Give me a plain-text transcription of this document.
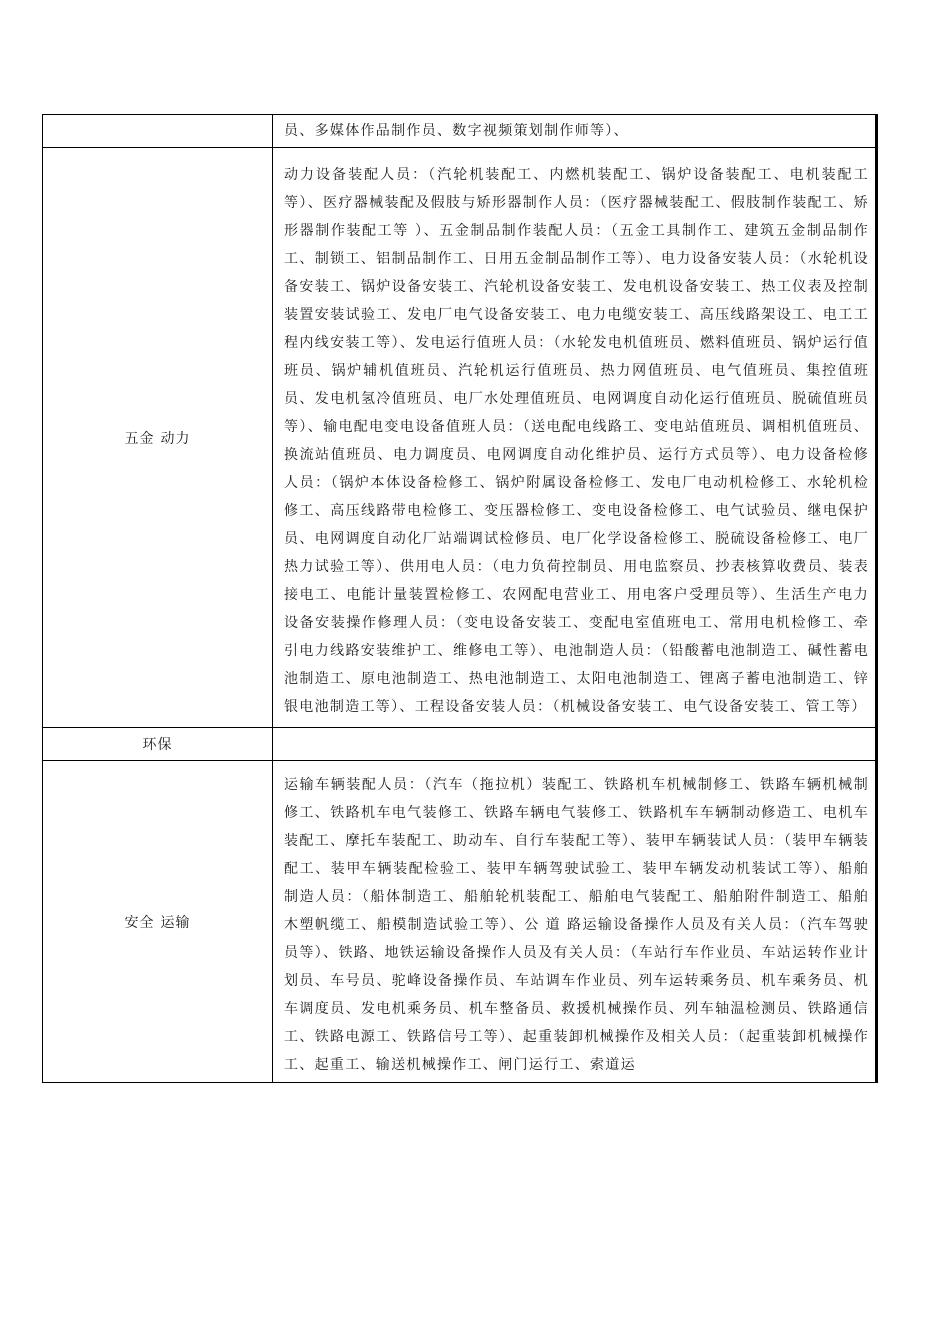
	员、多媒体作品制作员、数字视频策划制作师等）、
五金 动力	动力设备装配人员：（汽轮机装配工、内燃机装配工、锅炉设备装配工、电机装配工等）、医疗器械装配及假肢与矫形器制作人员：（医疗器械装配工、假肢制作装配工、矫形器制作装配工等 ）、五金制品制作装配人员：（五金工具制作工、建筑五金制品制作工、制锁工、铝制品制作工、日用五金制品制作工等）、电力设备安装人员：（水轮机设备安装工、锅炉设备安装工、汽轮机设备安装工、发电机设备安装工、热工仪表及控制装置安装试验工、发电厂电气设备安装工、电力电缆安装工、高压线路架设工、电工工程内线安装工等）、发电运行值班人员：（水轮发电机值班员、燃料值班员、锅炉运行值班员、锅炉辅机值班员、汽轮机运行值班员、热力网值班员、电气值班员、集控值班员、发电机氢冷值班员、电厂水处理值班员、电网调度自动化运行值班员、脱硫值班员等）、输电配电变电设备值班人员：（送电配电线路工、变电站值班员、调相机值班员、换流站值班员、电力调度员、电网调度自动化维护员、运行方式员等）、电力设备检修人员：（锅炉本体设备检修工、锅炉附属设备检修工、发电厂电动机检修工、水轮机检修工、高压线路带电检修工、变压器检修工、变电设备检修工、电气试验员、继电保护员、电网调度自动化厂站端调试检修员、电厂化学设备检修工、脱硫设备检修工、电厂热力试验工等）、供用电人员：（电力负荷控制员、用电监察员、抄表核算收费员、装表接电工、电能计量装置检修工、农网配电营业工、用电客户受理员等）、生活生产电力设备安装操作修理人员：（变电设备安装工、变配电室值班电工、常用电机检修工、牵引电力线路安装维护工、维修电工等）、电池制造人员：（铅酸蓄电池制造工、碱性蓄电池制造工、原电池制造工、热电池制造工、太阳电池制造工、锂离子蓄电池制造工、锌银电池制造工等）、工程设备安装人员：（机械设备安装工、电气设备安装工、管工等）
环保	
安全 运输	运输车辆装配人员：（汽车（拖拉机）装配工、铁路机车机械制修工、铁路车辆机械制修工、铁路机车电气装修工、铁路车辆电气装修工、铁路机车车辆制动修造工、电机车装配工、摩托车装配工、助动车、自行车装配工等）、装甲车辆装试人员：（装甲车辆装配工、装甲车辆装配检验工、装甲车辆驾驶试验工、装甲车辆发动机装试工等）、船舶制造人员：（船体制造工、船舶轮机装配工、船舶电气装配工、船舶附件制造工、船舶木塑帆缆工、船模制造试验工等）、公 道 路运输设备操作人员及有关人员：（汽车驾驶员等）、铁路、地铁运输设备操作人员及有关人员：（车站行车作业员、车站运转作业计划员、车号员、驼峰设备操作员、车站调车作业员、列车运转乘务员、机车乘务员、机车调度员、发电机乘务员、机车整备员、救援机械操作员、列车轴温检测员、铁路通信工、铁路电源工、铁路信号工等）、起重装卸机械操作及相关人员：（起重装卸机械操作工、起重工、输送机械操作工、闸门运行工、索道运
